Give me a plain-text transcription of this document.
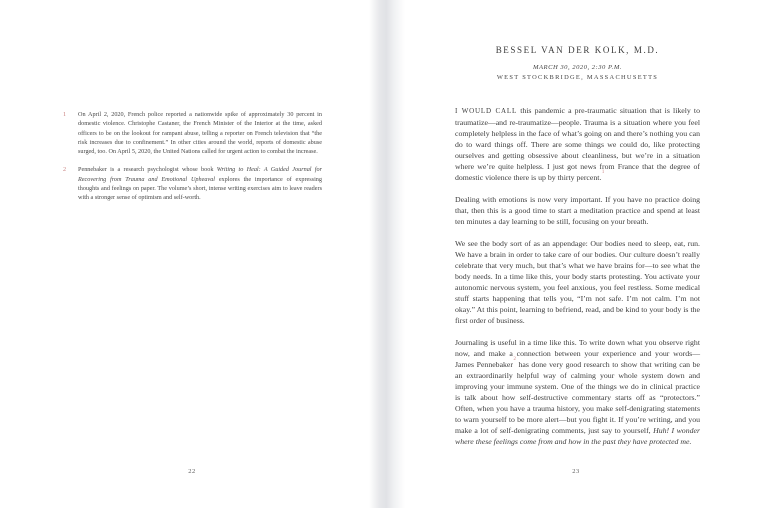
1	On April 2, 2020, French police reported a nationwide spike of approximately 30 percent in domestic violence. Christophe Castaner, the French Minister of the Interior at the time, asked officers to be on the lookout for rampant abuse, telling a reporter on French television that “the risk increases due to confinement.” In other cities around the world, reports of domestic abuse surged, too. On April 5, 2020, the United Nations called for urgent action to combat the increase.
2	Pennebaker is a research psychologist whose book Writing to Heal: A Guided Journal for Recovering from Trauma and Emotional Upheaval explores the importance of expressing thoughts and feelings on paper. The volume’s short, intense writing exercises aim to leave readers with a stronger sense of optimism and self-worth.
22
BESSEL VAN DER KOLK, M.D.
MARCH 30, 2020, 2:30 P.M.
WEST STOCKBRIDGE, MASSACHUSETTS

I WOULD CALL this pandemic a pre-traumatic situation that is likely to traumatize—and re-traumatize—people. Trauma is a situation where you feel completely helpless in the face of what’s going on and there’s nothing you can do to ward things off. There are some things we could do, like protecting ourselves and getting obsessive about cleanliness, but we’re in a situation where we’re quite helpless. I just got news from France that the degree of domestic violence there is up by thirty percent.$^1$

Dealing with emotions is now very important. If you have no practice doing that, then this is a good time to start a meditation practice and spend at least ten minutes a day learning to be still, focusing on your breath.

We see the body sort of as an appendage: Our bodies need to sleep, eat, run. We have a brain in order to take care of our bodies. Our culture doesn’t really celebrate that very much, but that’s what we have brains for—to see what the body needs. In a time like this, your body starts protesting. You activate your autonomic nervous system, you feel anxious, you feel restless. Some medical stuff starts happening that tells you, “I’m not safe. I’m not calm. I’m not okay.” At this point, learning to befriend, read, and be kind to your body is the first order of business.

Journaling is useful in a time like this. To write down what you observe right now, and make a connection between your experience and your words—James Pennebaker$^2$ has done very good research to show that writing can be an extraordinarily helpful way of calming your whole system down and improving your immune system. One of the things we do in clinical practice is talk about how self-destructive commentary starts off as “protectors.” Often, when you have a trauma history, you make self-denigrating statements to warn yourself to be more alert—but you fight it. If you’re writing, and you make a lot of self-denigrating comments, just say to yourself, Huh! I wonder where these feelings come from and how in the past they have protected me.

23
